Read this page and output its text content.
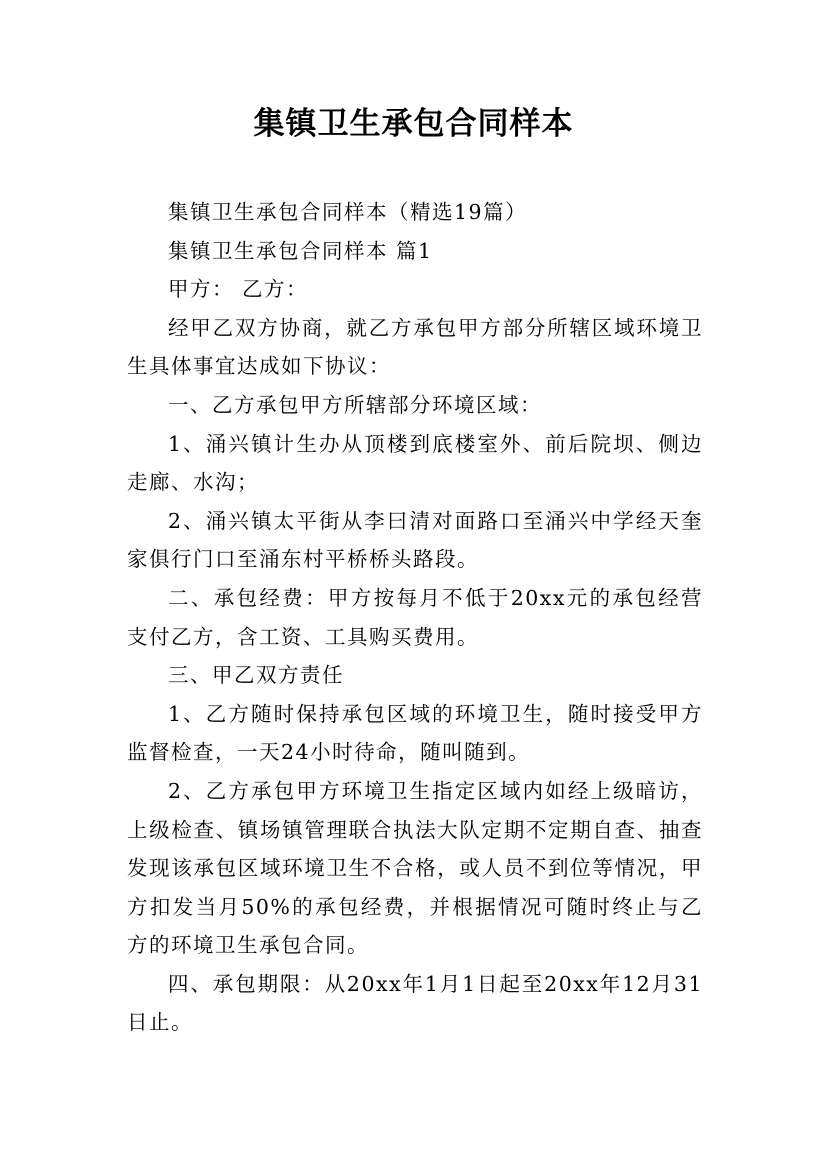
集镇卫生承包合同样本

集镇卫生承包合同样本（精选19篇）

集镇卫生承包合同样本 篇1

甲方： 乙方：

经甲乙双方协商，就乙方承包甲方部分所辖区域环境卫生具体事宜达成如下协议：

一、乙方承包甲方所辖部分环境区域：

1、涌兴镇计生办从顶楼到底楼室外、前后院坝、侧边走廊、水沟；

2、涌兴镇太平街从李曰清对面路口至涌兴中学经天奎家俱行门口至涌东村平桥桥头路段。

二、承包经费：甲方按每月不低于20xx元的承包经营支付乙方，含工资、工具购买费用。

三、甲乙双方责任

1、乙方随时保持承包区域的环境卫生，随时接受甲方监督检查，一天24小时待命，随叫随到。

2、乙方承包甲方环境卫生指定区域内如经上级暗访，上级检查、镇场镇管理联合执法大队定期不定期自查、抽查发现该承包区域环境卫生不合格，或人员不到位等情况，甲方扣发当月50%的承包经费，并根据情况可随时终止与乙方的环境卫生承包合同。

四、承包期限：从20xx年1月1日起至20xx年12月31日止。
